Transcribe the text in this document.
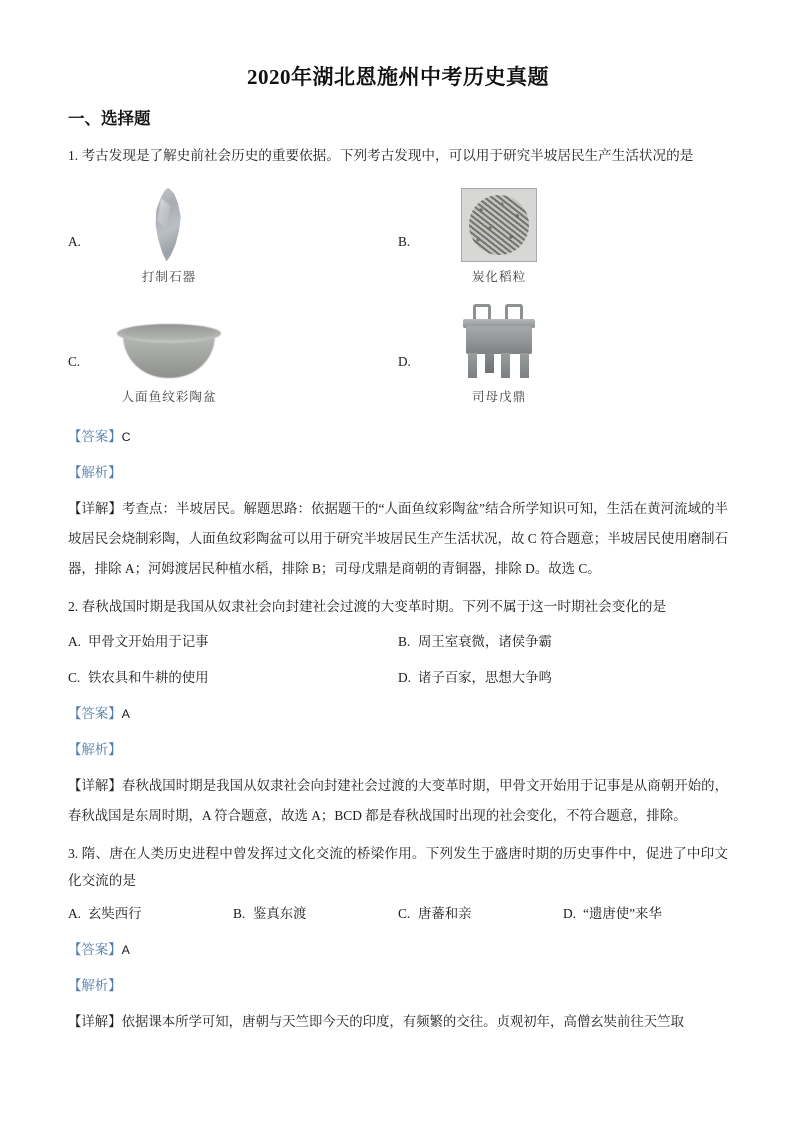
2020年湖北恩施州中考历史真题
一、选择题
1. 考古发现是了解史前社会历史的重要依据。下列考古发现中，可以用于研究半坡居民生产生活状况的是
A.
打制石器
B.
炭化稻粒
C.
人面鱼纹彩陶盆
D.
司母戊鼎
【答案】C
【解析】
【详解】考查点：半坡居民。解题思路：依据题干的“人面鱼纹彩陶盆”结合所学知识可知，生活在黄河流域的半坡居民会烧制彩陶，人面鱼纹彩陶盆可以用于研究半坡居民生产生活状况，故 C 符合题意；半坡居民使用磨制石器，排除 A；河姆渡居民种植水稻，排除 B；司母戊鼎是商朝的青铜器，排除 D。故选 C。
2. 春秋战国时期是我国从奴隶社会向封建社会过渡的大变革时期。下列不属于这一时期社会变化的是
A. 甲骨文开始用于记事	B. 周王室衰微，诸侯争霸
C. 铁农具和牛耕的使用	D. 诸子百家，思想大争鸣
【答案】A
【解析】
【详解】春秋战国时期是我国从奴隶社会向封建社会过渡的大变革时期，甲骨文开始用于记事是从商朝开始的，春秋战国是东周时期，A 符合题意，故选 A；BCD 都是春秋战国时出现的社会变化，不符合题意，排除。
3. 隋、唐在人类历史进程中曾发挥过文化交流的桥梁作用。下列发生于盛唐时期的历史事件中，促进了中印文化交流的是
A. 玄奘西行	B. 鉴真东渡	C. 唐蕃和亲	D. “遗唐使”来华
【答案】A
【解析】
【详解】依据课本所学可知，唐朝与天竺即今天的印度，有频繁的交往。贞观初年，高僧玄奘前往天竺取
